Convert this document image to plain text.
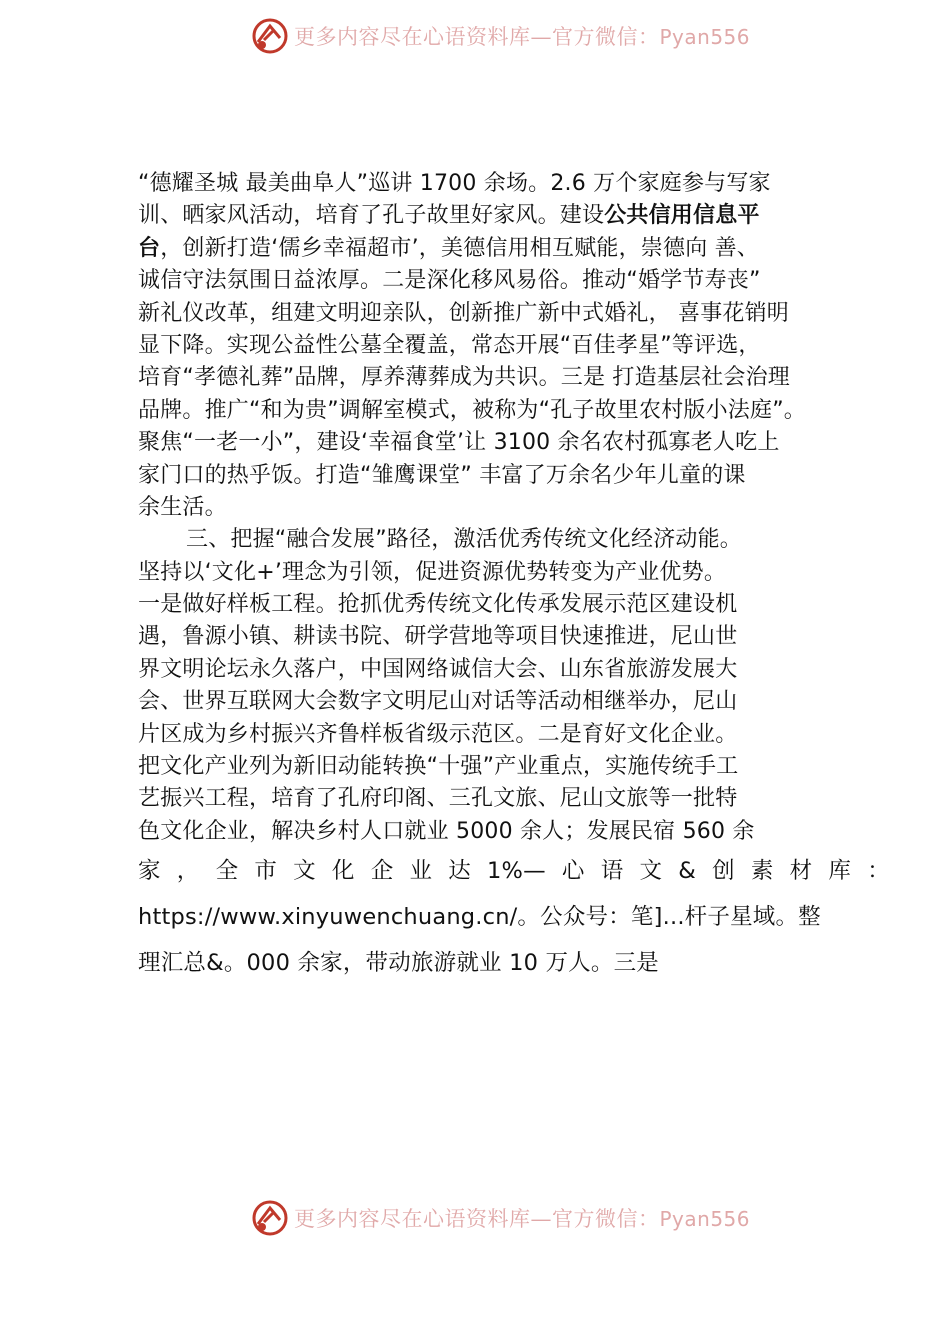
更多内容尽在心语资料库—官方微信：Pyan556
“德耀圣城 最美曲阜人”巡讲 1700 余场。2.6 万个家庭参与写家
训、晒家风活动，培育了孔子故里好家风。建设公共信用信息平
台，创新打造‘儒乡幸福超市’，美德信用相互赋能，崇德向 善、
诚信守法氛围日益浓厚。二是深化移风易俗。推动“婚学节寿丧”
新礼仪改革，组建文明迎亲队，创新推广新中式婚礼， 喜事花销明
显下降。实现公益性公墓全覆盖，常态开展“百佳孝星”等评选，
培育“孝德礼葬”品牌，厚养薄葬成为共识。三是 打造基层社会治理
品牌。推广“和为贵”调解室模式，被称为“孔子故里农村版小法庭”。
聚焦“一老一小”，建设‘幸福食堂’让 3100 余名农村孤寡老人吃上
家门口的热乎饭。打造“雏鹰课堂” 丰富了万余名少年儿童的课
余生活。
三、把握“融合发展”路径，激活优秀传统文化经济动能。
坚持以‘文化+’理念为引领，促进资源优势转变为产业优势。
一是做好样板工程。抢抓优秀传统文化传承发展示范区建设机
遇，鲁源小镇、耕读书院、研学营地等项目快速推进，尼山世
界文明论坛永久落户，中国网络诚信大会、山东省旅游发展大
会、世界互联网大会数字文明尼山对话等活动相继举办，尼山
片区成为乡村振兴齐鲁样板省级示范区。二是育好文化企业。
把文化产业列为新旧动能转换“十强”产业重点，实施传统手工
艺振兴工程，培育了孔府印阁、三孔文旅、尼山文旅等一批特
色文化企业，解决乡村人口就业 5000 余人；发展民宿 560 余
家 ， 全 市 文 化 企 业 达 1%— 心 语 文 & 创 素 材 库 ：
https://www.xinyuwenchuang.cn/。公众号：笔]...杆子星域。整
理汇总&。000 余家，带动旅游就业 10 万人。三是
更多内容尽在心语资料库—官方微信：Pyan556
